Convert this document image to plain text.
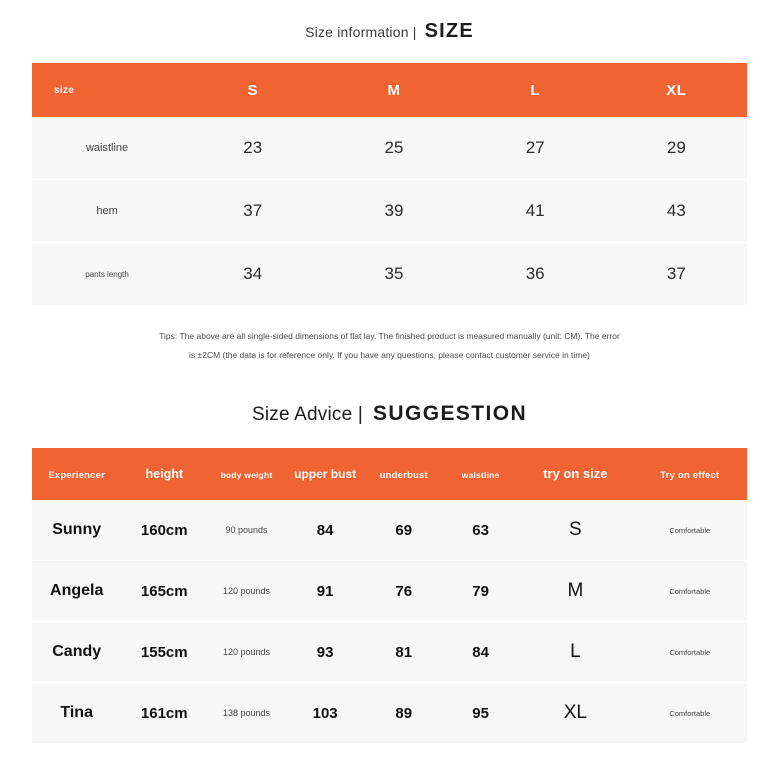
Size information | SIZE
size	S	M	L	XL
waistline	23	25	27	29
hem	37	39	41	43
pants length	34	35	36	37
Tips: The above are all single-sided dimensions of flat lay. The finished product is measured manually (unit: CM). The error
is ±2CM (the data is for reference only. If you have any questions, please contact customer service in time)
Size Advice | SUGGESTION
Experiencer	height	body weight	upper bust	underbust	waistline	try on size	Try on effect
Sunny	160cm	90 pounds	84	69	63	S	Comfortable
Angela	165cm	120 pounds	91	76	79	M	Comfortable
Candy	155cm	120 pounds	93	81	84	L	Comfortable
Tina	161cm	138 pounds	103	89	95	XL	Comfortable
